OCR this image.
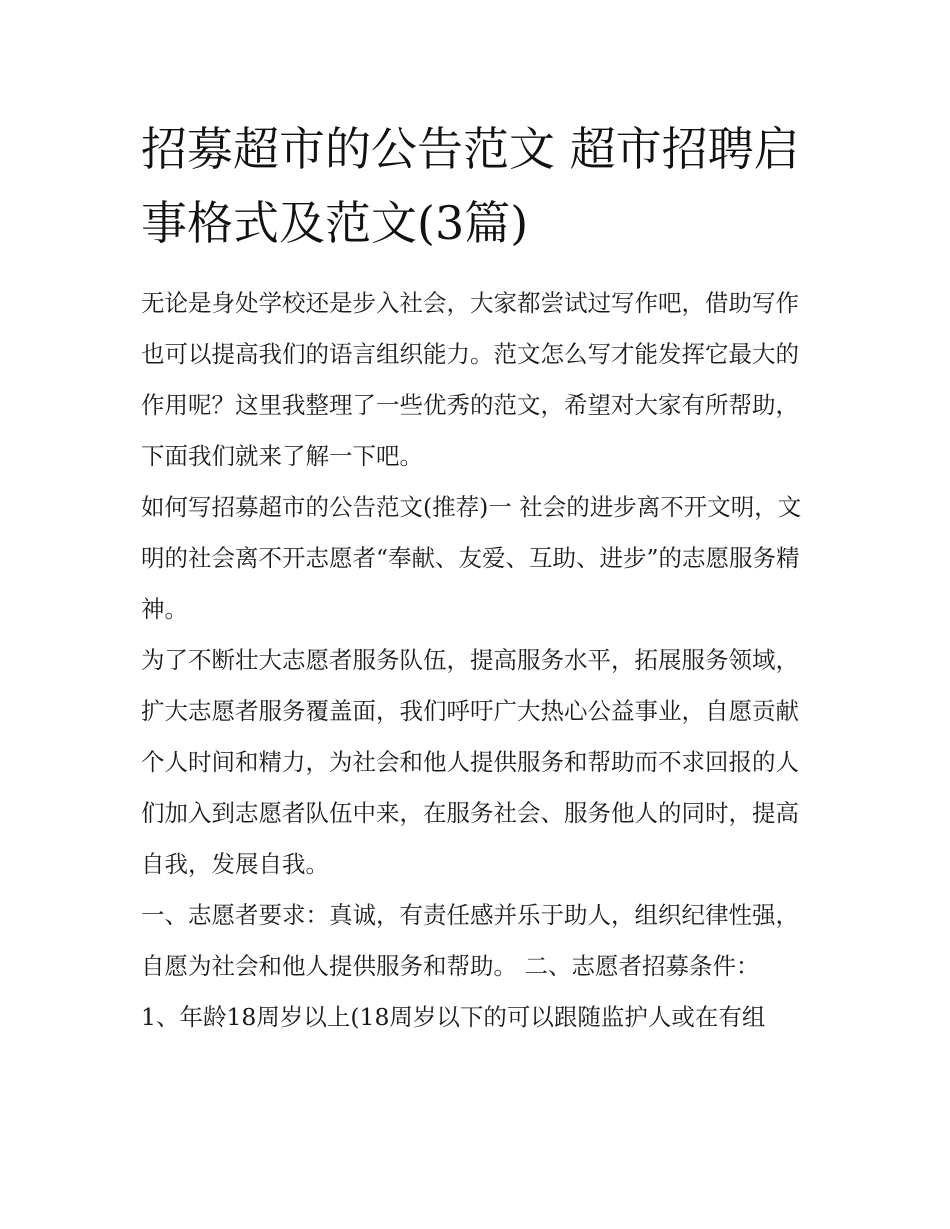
招募超市的公告范文 超市招聘启事格式及范文(3篇)

无论是身处学校还是步入社会，大家都尝试过写作吧，借助写作也可以提高我们的语言组织能力。范文怎么写才能发挥它最大的作用呢？这里我整理了一些优秀的范文，希望对大家有所帮助，下面我们就来了解一下吧。

如何写招募超市的公告范文(推荐)一 社会的进步离不开文明，文明的社会离不开志愿者“奉献、友爱、互助、进步”的志愿服务精神。

为了不断壮大志愿者服务队伍，提高服务水平，拓展服务领域，扩大志愿者服务覆盖面，我们呼吁广大热心公益事业，自愿贡献个人时间和精力，为社会和他人提供服务和帮助而不求回报的人们加入到志愿者队伍中来，在服务社会、服务他人的同时，提高自我，发展自我。

一、志愿者要求：真诚，有责任感并乐于助人，组织纪律性强，自愿为社会和他人提供服务和帮助。 二、志愿者招募条件：

1、年龄18周岁以上(18周岁以下的可以跟随监护人或在有组
